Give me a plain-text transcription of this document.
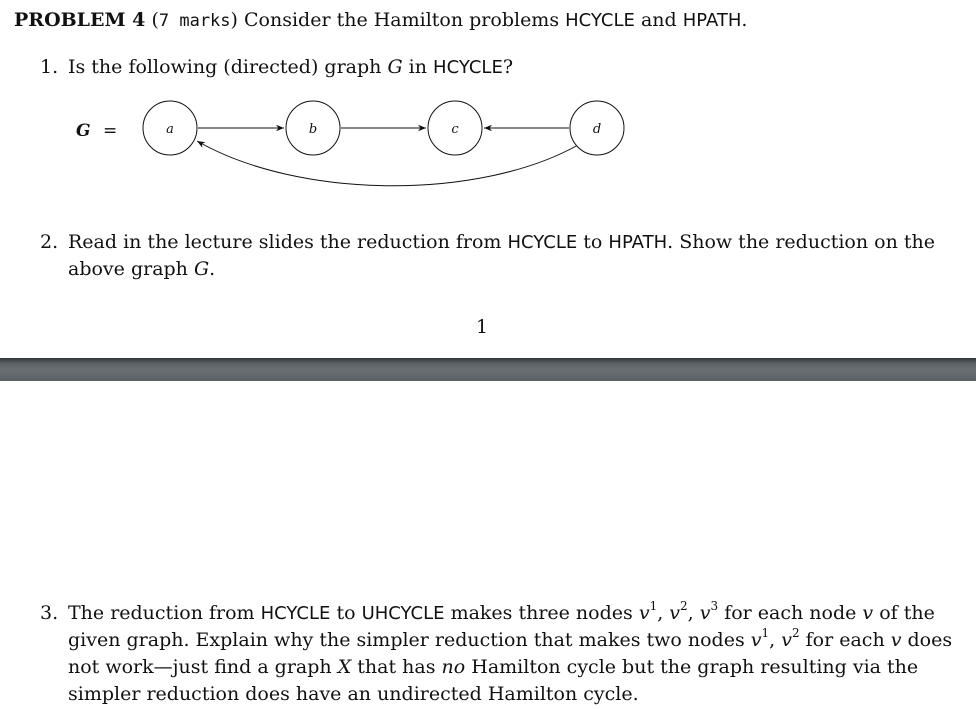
PROBLEM 4 (7 marks) Consider the Hamilton problems HCYCLE and HPATH.
1. Is the following (directed) graph G in HCYCLE?
G =	a	b	c	d
2. Read in the lecture slides the reduction from HCYCLE to HPATH. Show the reduction on the
above graph G.
1
3. The reduction from HCYCLE to UHCYCLE makes three nodes $v^1$, $v^2$, $v^3$ for each node v of the
given graph. Explain why the simpler reduction that makes two nodes $v^1$, $v^2$ for each v does
not work—just find a graph X that has no Hamilton cycle but the graph resulting via the
simpler reduction does have an undirected Hamilton cycle.
